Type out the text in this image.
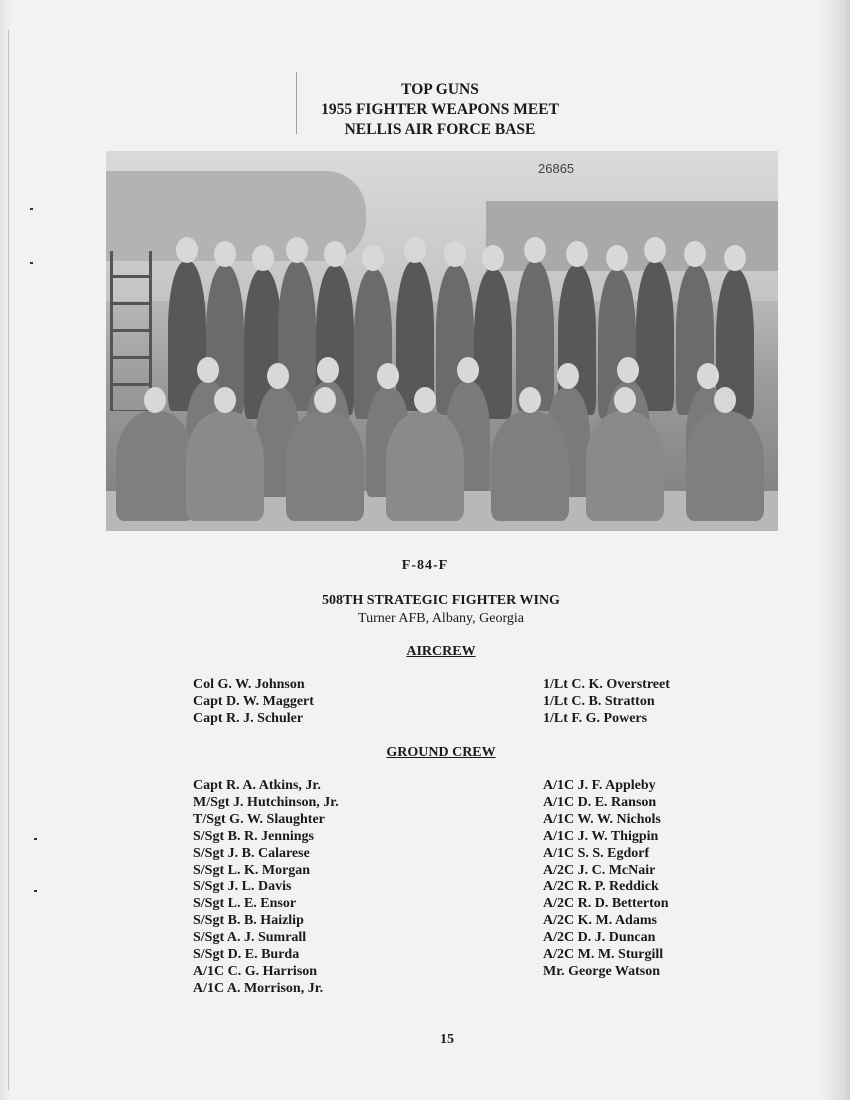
TOP GUNS
1955 FIGHTER WEAPONS MEET
NELLIS AIR FORCE BASE
26865
F-84-F
508TH STRATEGIC FIGHTER WING
Turner AFB, Albany, Georgia
AIRCREW
Col G. W. Johnson
Capt D. W. Maggert
Capt R. J. Schuler
1/Lt C. K. Overstreet
1/Lt C. B. Stratton
1/Lt F. G. Powers
GROUND CREW
Capt R. A. Atkins, Jr.
M/Sgt J. Hutchinson, Jr.
T/Sgt G. W. Slaughter
S/Sgt B. R. Jennings
S/Sgt J. B. Calarese
S/Sgt L. K. Morgan
S/Sgt J. L. Davis
S/Sgt L. E. Ensor
S/Sgt B. B. Haizlip
S/Sgt A. J. Sumrall
S/Sgt D. E. Burda
A/1C C. G. Harrison
A/1C A. Morrison, Jr.
A/1C J. F. Appleby
A/1C D. E. Ranson
A/1C W. W. Nichols
A/1C J. W. Thigpin
A/1C S. S. Egdorf
A/2C J. C. McNair
A/2C R. P. Reddick
A/2C R. D. Betterton
A/2C K. M. Adams
A/2C D. J. Duncan
A/2C M. M. Sturgill
Mr. George Watson
15
